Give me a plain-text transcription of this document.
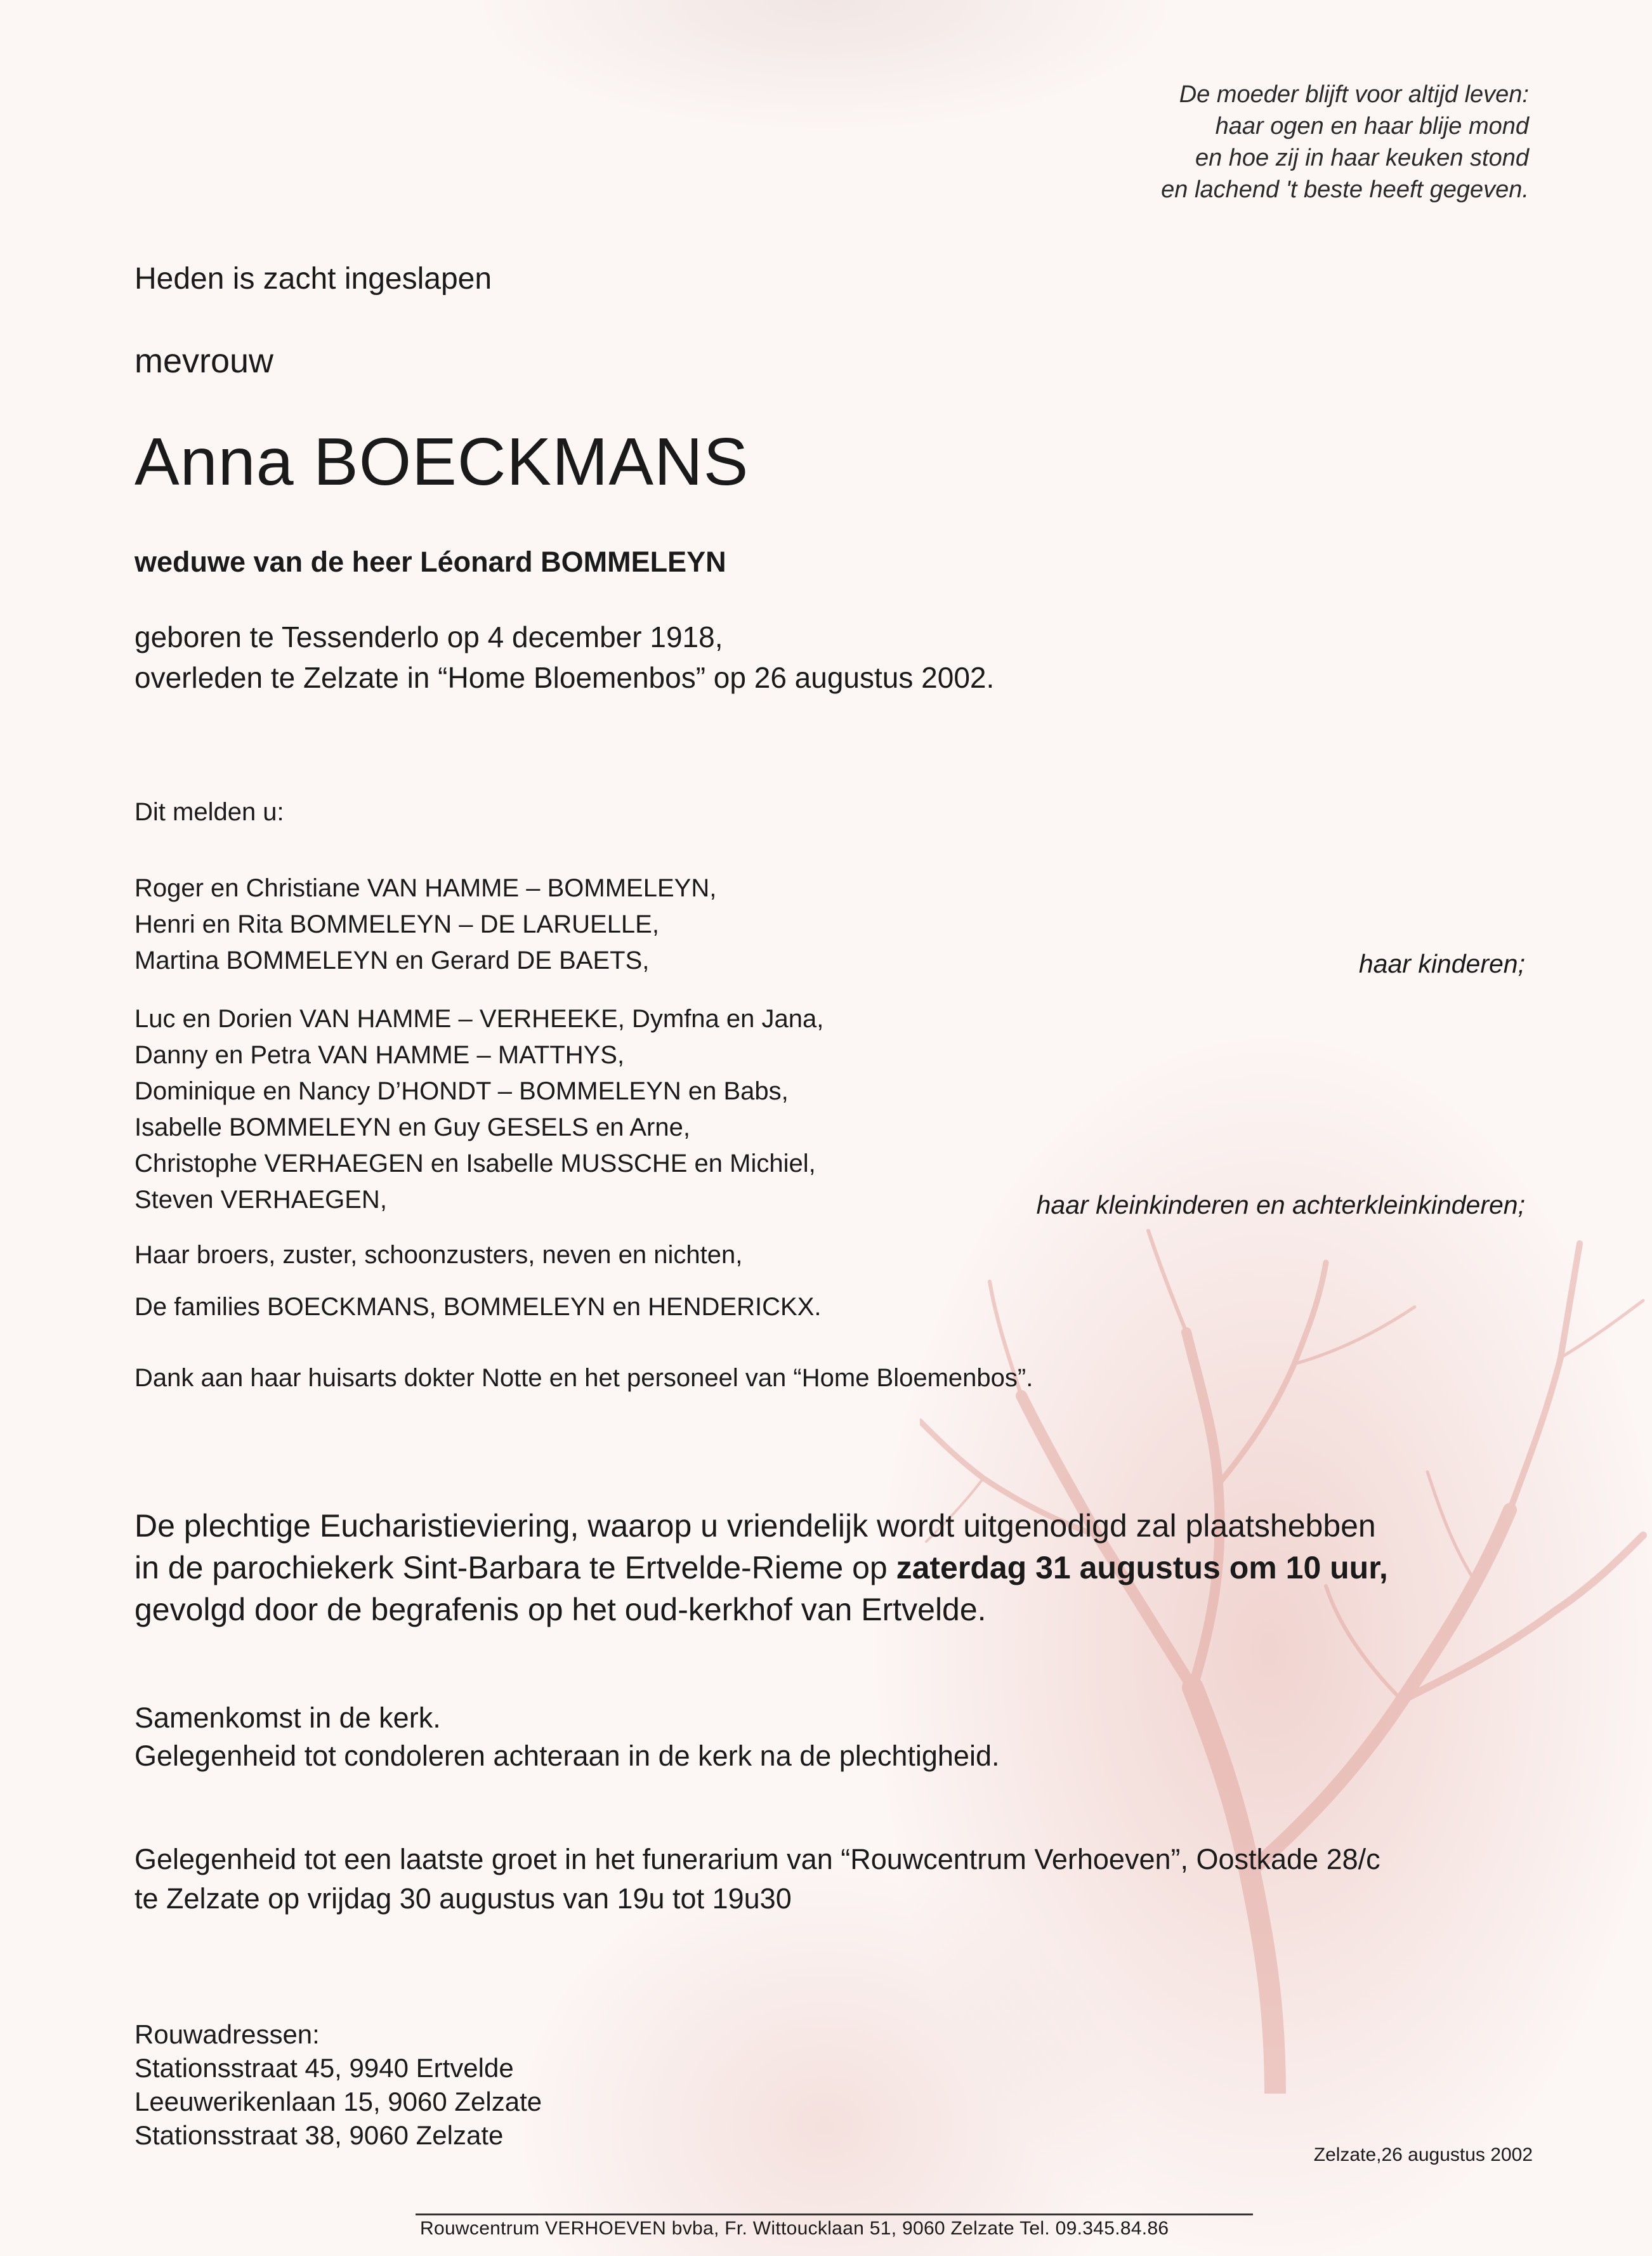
De moeder blijft voor altijd leven:
haar ogen en haar blije mond
en hoe zij in haar keuken stond
en lachend 't beste heeft gegeven.

Heden is zacht ingeslapen

mevrouw

Anna BOECKMANS

weduwe van de heer Léonard BOMMELEYN

geboren te Tessenderlo op 4 december 1918,
overleden te Zelzate in “Home Bloemenbos” op 26 augustus 2002.

Dit melden u:

Roger en Christiane VAN HAMME – BOMMELEYN,
Henri en Rita BOMMELEYN – DE LARUELLE,
Martina BOMMELEYN en Gerard DE BAETS,	haar kinderen;
Luc en Dorien VAN HAMME – VERHEEKE, Dymfna en Jana,
Danny en Petra VAN HAMME – MATTHYS,
Dominique en Nancy D’HONDT – BOMMELEYN en Babs,
Isabelle BOMMELEYN en Guy GESELS en Arne,
Christophe VERHAEGEN en Isabelle MUSSCHE en Michiel,
Steven VERHAEGEN,	haar kleinkinderen en achterkleinkinderen;

Haar broers, zuster, schoonzusters, neven en nichten,

De families BOECKMANS, BOMMELEYN en HENDERICKX.

Dank aan haar huisarts dokter Notte en het personeel van “Home Bloemenbos”.

De plechtige Eucharistieviering, waarop u vriendelijk wordt uitgenodigd zal plaatshebben
in de parochiekerk Sint-Barbara te Ertvelde-Rieme op zaterdag 31 augustus om 10 uur,
gevolgd door de begrafenis op het oud-kerkhof van Ertvelde.
Samenkomst in de kerk.
Gelegenheid tot condoleren achteraan in de kerk na de plechtigheid.
Gelegenheid tot een laatste groet in het funerarium van “Rouwcentrum Verhoeven”, Oostkade 28/c
te Zelzate op vrijdag 30 augustus van 19u tot 19u30
Rouwadressen:
Stationsstraat 45, 9940 Ertvelde
Leeuwerikenlaan 15, 9060 Zelzate
Stationsstraat 38, 9060 Zelzate

Zelzate,26 augustus 2002

Rouwcentrum VERHOEVEN bvba, Fr. Wittoucklaan 51, 9060 Zelzate Tel. 09.345.84.86
